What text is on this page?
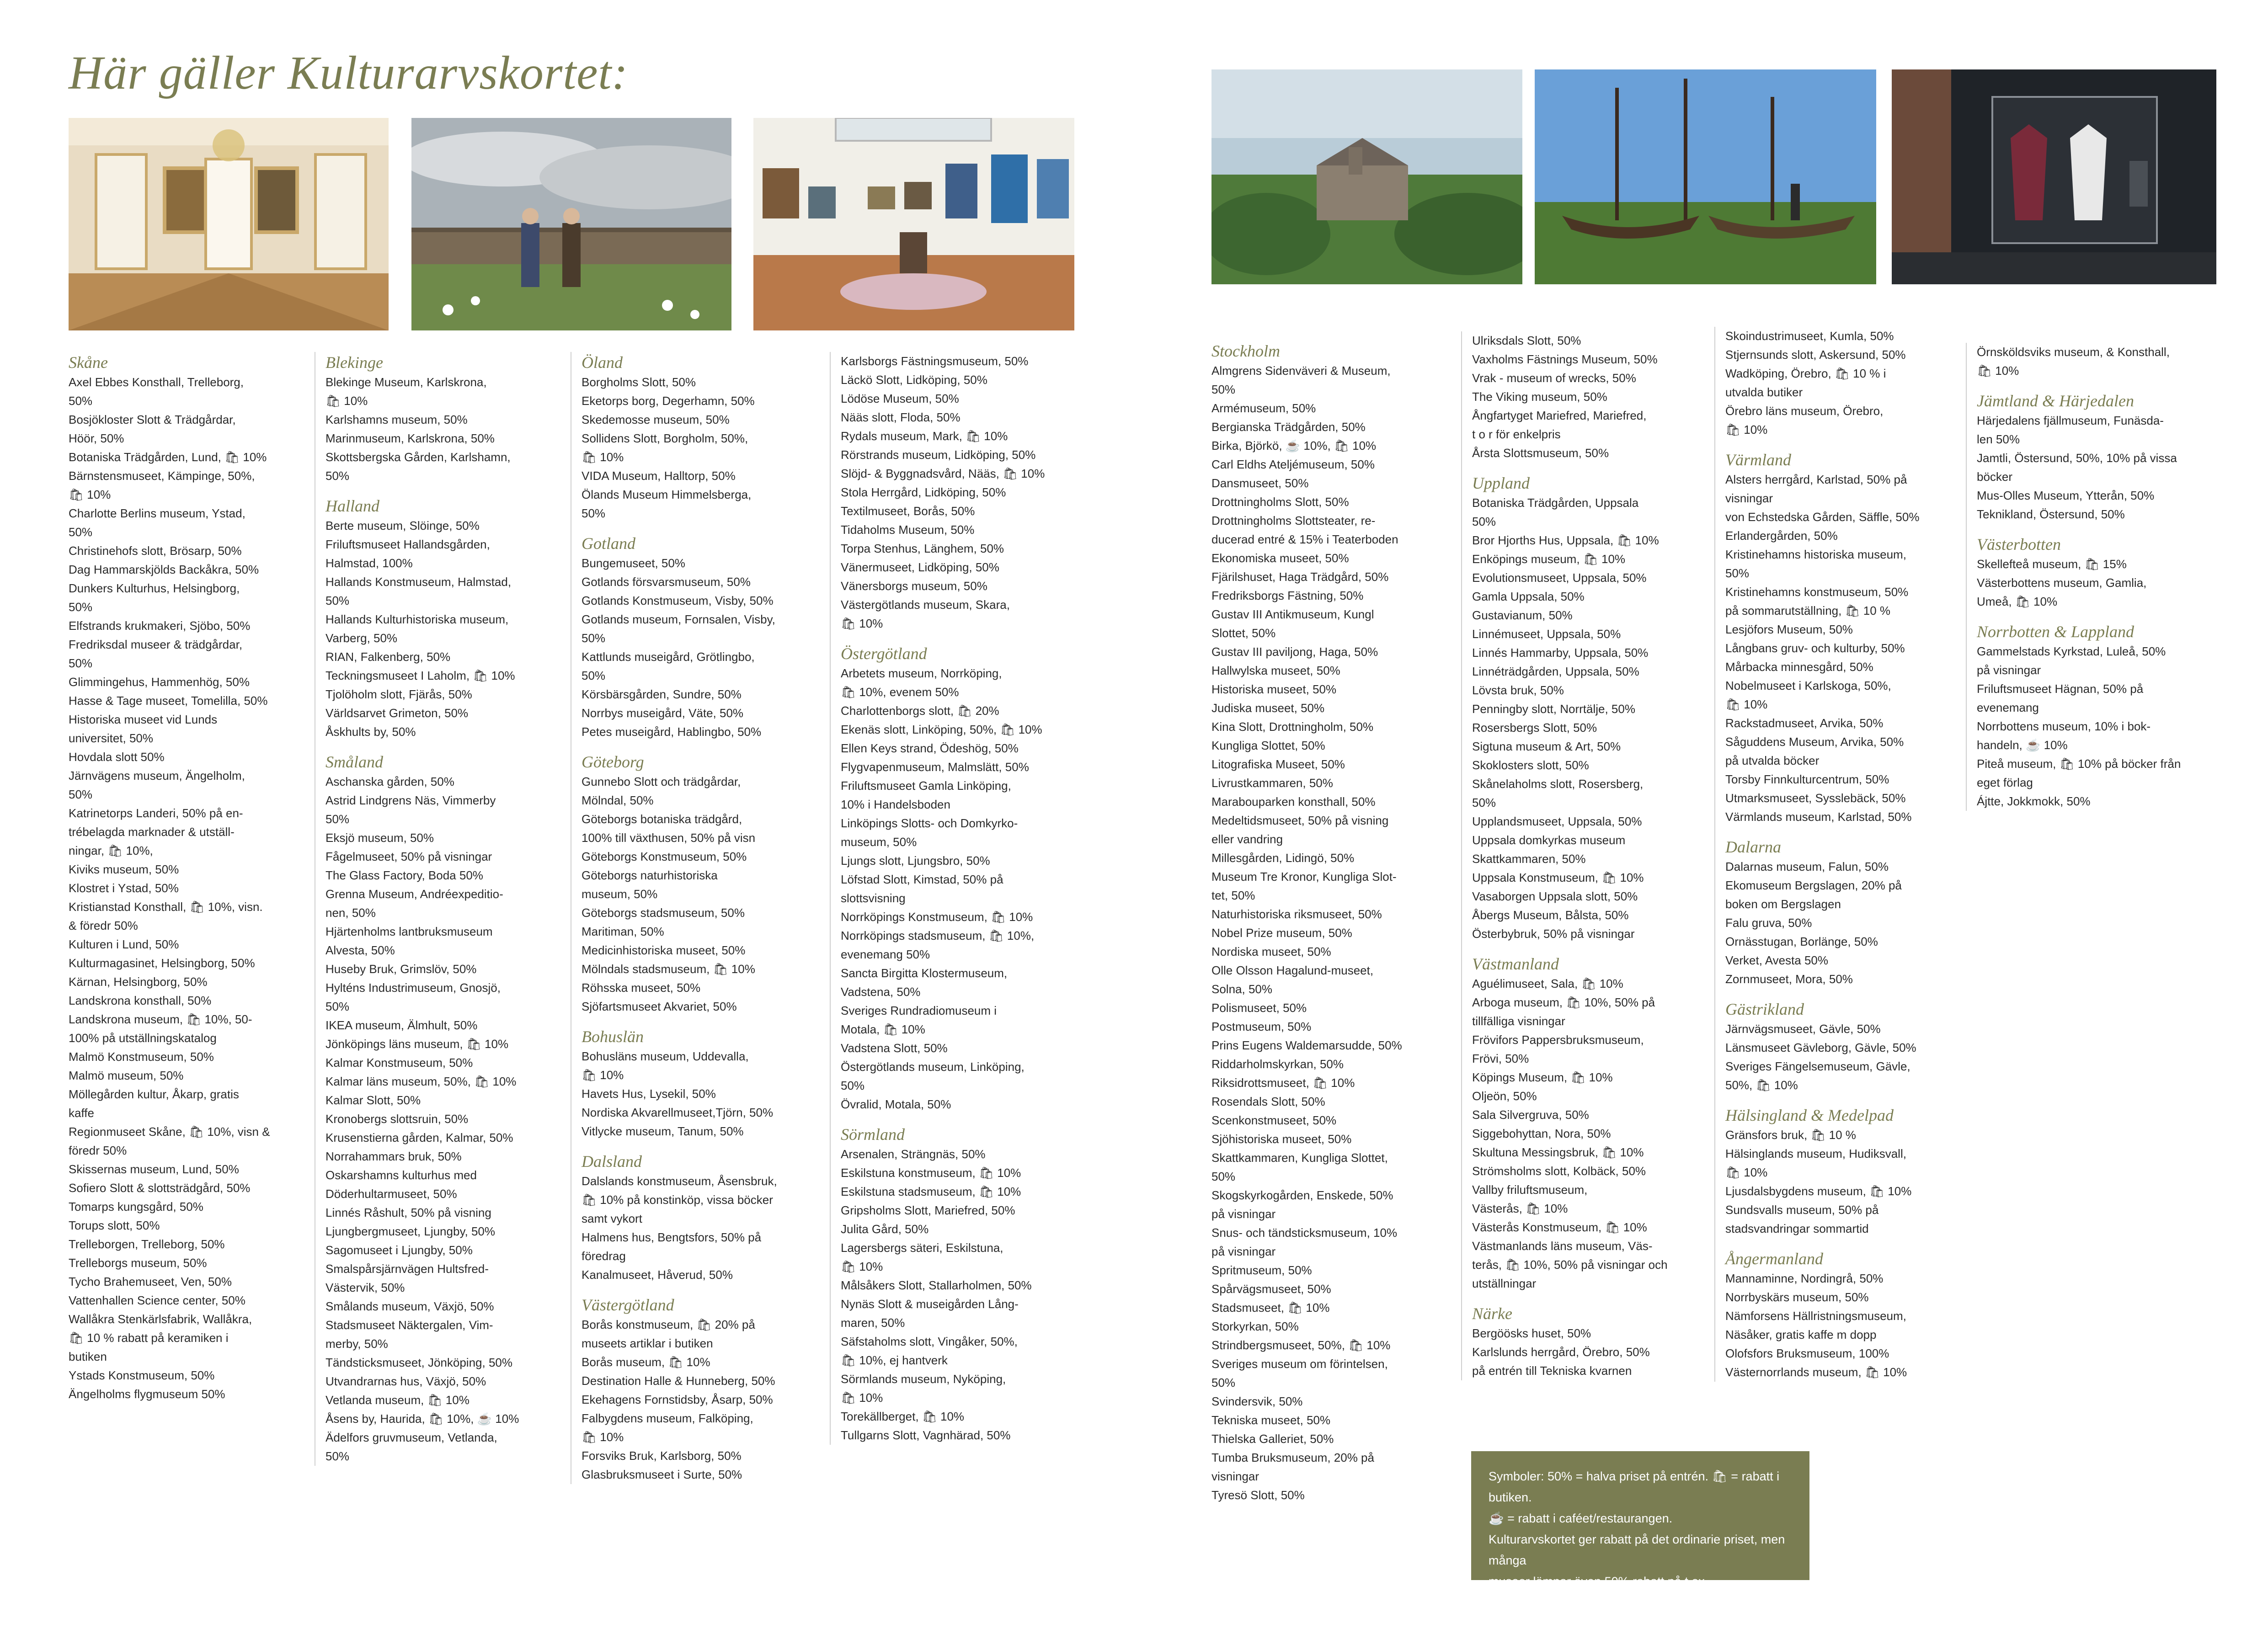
Här gäller Kulturarvskortet:
Skåne
Axel Ebbes Konsthall, Trelleborg,
50%
Bosjökloster Slott & Trädgårdar,
Höör, 50%
Botaniska Trädgården, Lund, 🛍 10%
Bärnstensmuseet, Kämpinge, 50%,
🛍 10%
Charlotte Berlins museum, Ystad,
50%
Christinehofs slott, Brösarp, 50%
Dag Hammarskjölds Backåkra, 50%
Dunkers Kulturhus, Helsingborg,
50%
Elfstrands krukmakeri, Sjöbo, 50%
Fredriksdal museer & trädgårdar,
50%
Glimmingehus, Hammenhög, 50%
Hasse & Tage museet, Tomelilla, 50%
Historiska museet vid Lunds
universitet, 50%
Hovdala slott 50%
Järnvägens museum, Ängelholm,
50%
Katrinetorps Landeri, 50% på en-
trébelagda marknader & utställ-
ningar, 🛍 10%,
Kiviks museum, 50%
Klostret i Ystad, 50%
Kristianstad Konsthall, 🛍 10%, visn.
& föredr 50%
Kulturen i Lund, 50%
Kulturmagasinet, Helsingborg, 50%
Kärnan, Helsingborg, 50%
Landskrona konsthall, 50%
Landskrona museum, 🛍 10%, 50-
100% på utställningskatalog
Malmö Konstmuseum, 50%
Malmö museum, 50%
Möllegården kultur, Åkarp, gratis
kaffe
Regionmuseet Skåne, 🛍 10%, visn &
föredr 50%
Skissernas museum, Lund, 50%
Sofiero Slott & slottsträdgård, 50%
Tomarps kungsgård, 50%
Torups slott, 50%
Trelleborgen, Trelleborg, 50%
Trelleborgs museum, 50%
Tycho Brahemuseet, Ven, 50%
Vattenhallen Science center, 50%
Wallåkra Stenkärlsfabrik, Wallåkra,
🛍 10 % rabatt på keramiken i
butiken
Ystads Konstmuseum, 50%
Ängelholms flygmuseum 50%
Blekinge
Blekinge Museum, Karlskrona,
🛍 10%
Karlshamns museum, 50%
Marinmuseum, Karlskrona, 50%
Skottsbergska Gården, Karlshamn,
50%
Halland
Berte museum, Slöinge, 50%
Friluftsmuseet Hallandsgården,
Halmstad, 100%
Hallands Konstmuseum, Halmstad,
50%
Hallands Kulturhistoriska museum,
Varberg, 50%
RIAN, Falkenberg, 50%
Teckningsmuseet I Laholm, 🛍 10%
Tjolöholm slott, Fjärås, 50%
Världsarvet Grimeton, 50%
Åskhults by, 50%
Småland
Aschanska gården, 50%
Astrid Lindgrens Näs, Vimmerby
50%
Eksjö museum, 50%
Fågelmuseet, 50% på visningar
The Glass Factory, Boda 50%
Grenna Museum, Andréexpeditio-
nen, 50%
Hjärtenholms lantbruksmuseum
Alvesta, 50%
Huseby Bruk, Grimslöv, 50%
Hyltén​s Industrimuseum, Gnosjö,
50%
IKEA museum, Älmhult, 50%
Jönköpings läns museum, 🛍 10%
Kalmar Konstmuseum, 50%
Kalmar läns museum, 50%, 🛍 10%
Kalmar Slott, 50%
Kronobergs slottsruin, 50%
Krusenstierna gården, Kalmar, 50%
Norrahammars bruk, 50%
Oskarshamns kulturhus med
Döderhultarmuseet, 50%
Linnés Råshult, 50% på visning
Ljungbergmuseet, Ljungby, 50%
Sagomuseet i Ljungby, 50%
Smalspårsjärnvägen Hultsfred-
Västervik, 50%
Smålands museum, Växjö, 50%
Stadsmuseet Näktergalen, Vim-
merby, 50%
Tändsticksmuseet, Jönköping, 50%
Utvandrarnas hus, Växjö, 50%
Vetlanda museum, 🛍 10%
Åsens by, Haurida, 🛍 10%, ☕ 10%
Ädelfors gruvmuseum, Vetlanda,
50%
Öland
Borgholms Slott, 50%
Eketorps borg, Degerhamn, 50%
Skedemosse museum, 50%
Sollidens Slott, Borgholm, 50%,
🛍 10%
VIDA Museum, Halltorp, 50%
Ölands Museum Himmelsberga,
50%
Gotland
Bungemuseet, 50%
Gotlands försvarsmuseum, 50%
Gotlands Konstmuseum, Visby, 50%
Gotlands museum, Fornsalen, Visby,
50%
Kattlunds museigård, Grötlingbo,
50%
Körsbärsgården, Sundre, 50%
Norrbys museigård, Väte, 50%
Petes museigård, Hablingbo, 50%
Göteborg
Gunnebo Slott och trädgårdar,
Mölndal, 50%
Göteborgs botaniska trädgård,
100% till växthusen, 50% på visn
Göteborgs Konstmuseum, 50%
Göteborgs naturhistoriska
museum, 50%
Göteborgs stadsmuseum, 50%
Maritiman, 50%
Medicinhistoriska museet, 50%
Mölndals stadsmuseum, 🛍 10%
Röhsska museet, 50%
Sjöfartsmuseet Akvariet, 50%
Bohuslän
Bohusläns museum, Uddevalla,
🛍 10%
Havets Hus, Lysekil, 50%
Nordiska Akvarellmuseet,Tjörn, 50%
Vitlycke museum, Tanum, 50%
Dalsland
Dalslands konstmuseum, Åsensbruk,
🛍 10% på konstinköp, vissa böcker
samt vykort
Halmens hus, Bengtsfors, 50% på
föredrag
Kanalmuseet, Håverud, 50%
Västergötland
Borås konstmuseum, 🛍 20% på
museets artiklar i butiken
Borås museum, 🛍 10%
Destination Halle & Hunneberg, 50%
Ekehagens Fornstidsby, Åsarp, 50%
Falbygdens museum, Falköping,
🛍 10%
Forsviks Bruk, Karlsborg, 50%
Glasbruksmuseet i Surte, 50%
Karlsborgs Fästningsmuseum, 50%
Läckö Slott, Lidköping, 50%
Lödöse Museum, 50%
Nääs slott, Floda, 50%
Rydals museum, Mark, 🛍 10%
Rörstrands museum, Lidköping, 50%
Slöjd- & Byggnadsvård, Nääs, 🛍 10%
Stola Herrgård, Lidköping, 50%
Textilmuseet, Borås, 50%
Tidaholms Museum, 50%
Torpa Stenhus, Länghem, 50%
Vänermuseet, Lidköping, 50%
Vänersborgs museum, 50%
Västergötlands museum, Skara,
🛍 10%
Östergötland
Arbetets museum, Norrköping,
🛍 10%, evenem 50%
Charlottenborgs slott, 🛍 20%
Ekenäs slott, Linköping, 50%, 🛍 10%
Ellen Keys strand, Ödeshög, 50%
Flygvapenmuseum, Malmslätt, 50%
Friluftsmuseet Gamla Linköping,
10% i Handelsboden
Linköpings Slotts- och Domkyrko-
museum, 50%
Ljungs slott, Ljungsbro, 50%
Löfstad Slott, Kimstad, 50% på
slottsvisning
Norrköpings Konstmuseum, 🛍 10%
Norrköpings stadsmuseum, 🛍 10%,
evenemang 50%
Sancta Birgitta Klostermuseum,
Vadstena, 50%
Sveriges Rundradiomuseum i
Motala, 🛍 10%
Vadstena Slott, 50%
Östergötlands museum, Linköping,
50%
Övralid, Motala, 50%
Sörmland
Arsenalen, Strängnäs, 50%
Eskilstuna konstmuseum, 🛍 10%
Eskilstuna stadsmuseum, 🛍 10%
Gripsholms Slott, Mariefred, 50%
Julita Gård, 50%
Lagersbergs säteri, Eskilstuna,
🛍 10%
Målsåkers Slott, Stallarholmen, 50%
Nynäs Slott & museigården Lång-
maren, 50%
Säfstaholms slott, Vingåker, 50%,
🛍 10%, ej hantverk
Sörmlands museum, Nyköping,
🛍 10%
Torekällberget, 🛍 10%
Tullgarns Slott, Vagnhärad, 50%
Stockholm
Almgrens Sidenväveri & Museum,
50%
Armémuseum, 50%
Bergianska Trädgården, 50%
Birka, Björkö, ☕ 10%, 🛍 10%
Carl Eldhs Ateljémuseum, 50%
Dansmuseet, 50%
Drottningholms Slott, 50%
Drottningholms Slottsteater, re-
ducerad entré & 15% i Teaterboden
Ekonomiska museet, 50%
Fjärilshuset, Haga Trädgård, 50%
Fredriksborgs Fästning, 50%
Gustav III Antikmuseum, Kungl
Slottet, 50%
Gustav III paviljong, Haga, 50%
Hallwylska museet, 50%
Historiska museet, 50%
Judiska museet, 50%
Kina Slott, Drottningholm, 50%
Kungliga Slottet, 50%
Litografiska Museet, 50%
Livrustkammaren, 50%
Marabouparken konsthall, 50%
Medeltidsmuseet, 50% på visning
eller vandring
Millesgården, Lidingö, 50%
Museum Tre Kronor, Kungliga Slot-
tet, 50%
Naturhistoriska riksmuseet, 50%
Nobel Prize museum, 50%
Nordiska museet, 50%
Olle Olsson Hagalund-museet,
Solna, 50%
Polismuseet, 50%
Postmuseum, 50%
Prins Eugens Waldemarsudde, 50%
Riddarholmskyrkan, 50%
Riksidrottsmuseet, 🛍 10%
Rosendals Slott, 50%
Scenkonstmuseet, 50%
Sjöhistoriska museet, 50%
Skattkammaren, Kungliga Slottet,
50%
Skogskyrkogården, Enskede, 50%
på visningar
Snus- och tändsticksmuseum, 10%
på visningar
Spritmuseum, 50%
Spårvägsmuseet, 50%
Stadsmuseet, 🛍 10%
Storkyrkan, 50%
Strindbergsmuseet, 50%, 🛍 10%
Sveriges museum om förintelsen,
50%
Svindersvik, 50%
Tekniska museet, 50%
Thielska Galleriet, 50%
Tumba Bruksmuseum, 20% på
visningar
Tyresö Slott, 50%
Ulriksdals Slott, 50%
Vaxholms Fästnings Museum, 50%
Vrak - museum of wrecks, 50%
The Viking museum, 50%
Ångfartyget Mariefred, Mariefred,
t o r för enkelpris
Årsta Slottsmuseum, 50%
Uppland
Botaniska Trädgården, Uppsala
50%
Bror Hjorths Hus, Uppsala, 🛍 10%
Enköpings museum, 🛍 10%
Evolutionsmuseet, Uppsala, 50%
Gamla Uppsala, 50%
Gustavianum, 50%
Linnémuseet, Uppsala, 50%
Linnés Hammarby, Uppsala, 50%
Linnéträdgården, Uppsala, 50%
Lövsta bruk, 50%
Penningby slott, Norrtälje, 50%
Rosersbergs Slott, 50%
Sigtuna museum & Art, 50%
Skoklosters slott, 50%
Skånelaholms slott, Rosersberg,
50%
Upplandsmuseet, Uppsala, 50%
Uppsala domkyrkas museum
Skattkammaren, 50%
Uppsala Konstmuseum, 🛍 10%
Vasaborgen Uppsala slott, 50%
Åbergs Museum, Bålsta, 50%
Österbybruk, 50% på visningar
Västmanland
Aguélimuseet, Sala, 🛍 10%
Arboga museum, 🛍 10%, 50% på
tillfälliga visningar
Frövifors Pappersbruksmuseum,
Frövi, 50%
Köpings Museum, 🛍 10%
Oljeön, 50%
Sala Silvergruva, 50%
Siggebohyttan, Nora, 50%
Skultuna Messingsbruk, 🛍 10%
Strömsholms slott, Kolbäck, 50%
Vallby friluftsmuseum,
Västerås, 🛍 10%
Västerås Konstmuseum, 🛍 10%
Västmanlands läns museum, Väs-
terås, 🛍 10%, 50% på visningar och
utställningar
Närke
Bergöösks huset, 50%
Karlslunds herrgård, Örebro, 50%
på entrén till Tekniska kvarnen
Skoindustrimuseet, Kumla, 50%
Stjernsunds slott, Askersund, 50%
Wadköping, Örebro, 🛍 10 % i
utvalda butiker
Örebro läns museum, Örebro,
🛍 10%
Värmland
Alsters herrgård, Karlstad, 50% på
visningar
von Echstedska Gården, Säffle, 50%
Erlandergården, 50%
Kristinehamns historiska museum,
50%
Kristinehamns konstmuseum, 50%
på sommarutställning, 🛍 10 %
Lesjöfors Museum, 50%
Långbans gruv- och kulturby, 50%
Mårbacka minnesgård, 50%
Nobelmuseet i Karlskoga, 50%,
🛍 10%
Rackstadmuseet, Arvika, 50%
Sågudden​s Museum, Arvika, 50%
på utvalda böcker
Torsby Finnkulturcentrum, 50%
Utmarksmuseet, Sysslebäck, 50%
Värmlands museum, Karlstad, 50%
Dalarna
Dalarnas museum, Falun, 50%
Ekomuseum Bergslagen, 20% på
boken om Bergslagen
Falu gruva, 50%
Ornässtugan, Borlänge, 50%
Verket, Avesta 50%
Zornmuseet, Mora, 50%
Gästrikland
Järnvägsmuseet, Gävle, 50%
Länsmuseet Gävleborg, Gävle, 50%
Sveriges Fängelsemuseum, Gävle,
50%, 🛍 10%
Hälsingland & Medelpad
Gränsfors bruk, 🛍 10 %
Hälsinglands museum, Hudiksvall,
🛍 10%
Ljusdalsbygdens museum, 🛍 10%
Sundsvalls museum, 50% på
stadsvandringar sommartid
Ångermanland
Mannaminne, Nordingrå, 50%
Norrbyskärs museum, 50%
Nämforsens Hällristningsmuseum,
Näsåker, gratis kaffe m dopp
Olofsfors Bruksmuseum, 100%
Västernorrlands museum, 🛍 10%
Örnsköldsviks museum, & Konsthall,
🛍 10%
Jämtland & Härjedalen
Härjedalens fjällmuseum, Funäsda-
len 50%
Jamtli, Östersund, 50%, 10% på vissa
böcker
Mus-Olles Museum, Ytterån, 50%
Teknikland, Östersund, 50%
Västerbotten
Skellefteå museum, 🛍 15%
Västerbottens museum, Gamlia,
Umeå, 🛍 10%
Norrbotten & Lappland
Gammelstads Kyrkstad, Luleå, 50%
på visningar
Friluftsmuseet Hägnan, 50% på
evenemang
Norrbottens museum, 10% i bok-
handeln, ☕ 10%
Piteå museum, 🛍 10% på böcker från
eget förlag
Ájtte, Jokkmokk, 50%
Symboler: 50% = halva priset på entrén. 🛍 = rabatt i butiken.
☕ = rabatt i caféet/restaurangen.
Kulturarvskortet ger rabatt på det ordinarie priset, men många
museer lämnar även 50% rabatt på t ex pensionärspriset.
Kortet är personligt och gäller för den som signerat.
